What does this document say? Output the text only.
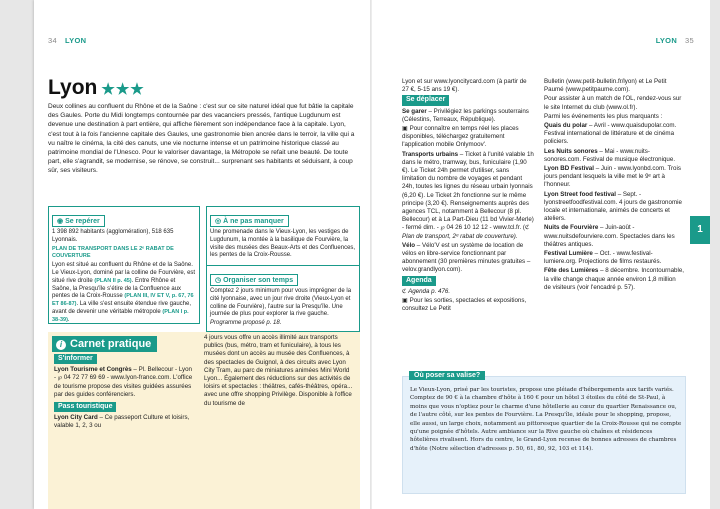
34 LYON
Lyon ★★★
Deux collines au confluent du Rhône et de la Saône : c'est sur ce site naturel idéal que fut bâtie la capitale des Gaules. Porte du Midi longtemps contournée par des vacanciers pressés, l'antique Lugdunum est devenue une destination à part entière, qui affiche fièrement son indépendance face à la capitale. Lyon, c'est tout à la fois l'ancienne capitale des Gaules, une gastronomie bien ancrée dans le terroir, la ville qui a vu naître le cinéma, la cité des canuts, une vie nocturne intense et un patrimoine historique classé au patrimoine mondial de l'Unesco. Pour le valoriser davantage, la Métropole se refait une beauté. De toute part, elle s'agrandit, se modernise, se rénove, se construit... surprenant ses habitants et séduisant, à coup sûr, ses visiteurs.
◉ Se repérer

1 398 892 habitants (agglomération), 518 635 Lyonnais.

PLAN DE TRANSPORT DANS LE 2ᵉ RABAT DE COUVERTURE

Lyon est situé au confluent du Rhône et de la Saône. Le Vieux-Lyon, dominé par la colline de Fourvière, est situé rive droite (PLAN II p. 45). Entre Rhône et Saône, la Presqu'île s'étire de la Confluence aux pentes de la Croix-Rousse (PLAN III, IV ET V, p. 67, 76 ET 86-87). La ville s'est ensuite étendue rive gauche, avant de devenir une véritable métropole (PLAN I p. 38-39).

◎ À ne pas manquer
Une promenade dans le Vieux-Lyon, les vestiges de Lugdunum, la montée à la basilique de Fourvière, la visite des musées des Beaux-Arts et des Confluences, les pentes de la Croix-Rousse.
◷ Organiser son temps

Comptez 2 jours minimum pour vous imprégner de la cité lyonnaise, avec un jour rive droite (Vieux-Lyon et colline de Fourvière), l'autre sur la Presqu'île. Une journée de plus pour explorer la rive gauche.

Programme proposé p. 18.

i Carnet pratique
S'informer

Lyon Tourisme et Congrès – Pl. Bellecour - Lyon - ℘ 04 72 77 69 69 - www.lyon-france.com. L'office de tourisme propose des visites guidées assurées par des guides conférenciers.

Pass touristique

Lyon City Card – Ce passeport Culture et loisirs, valable 1, 2, 3 ou

4 jours vous offre un accès illimité aux transports publics (bus, métro, tram et funiculaire), à tous les musées dont un accès au musée des Confluences, à des spectacles de Guignol, à des circuits avec Lyon City Tram, au parc de miniatures animées Mini World Lyon... Également des réductions sur des activités de loisirs et spectacles : théâtres, cafés-théâtres, opéra... avec une offre shopping Privilège. Disponible à l'office du tourisme de
LYON 35
1

Lyon et sur www.lyoncitycard.com (à partir de 27 €, 5-15 ans 19 €).

Se déplacer

Se garer – Privilégiez les parkings souterrains (Célestins, Terreaux, République).

▣ Pour connaître en temps réel les places disponibles, téléchargez gratuitement l'application mobile Onlymoov'.

Transports urbains – Ticket à l'unité valable 1h dans le métro, tramway, bus, funiculaire (1,90 €). Le Ticket 24h permet d'utiliser, sans limitation du nombre de voyages et pendant 24h, toutes les lignes du réseau urbain lyonnais (6,20 €). Le Ticket 2h fonctionne sur le même principe (3,20 €). Renseignements auprès des agences TCL, notamment à Bellecour (8 pl. Bellecour) et à La Part-Dieu (11 bd Vivier-Merle) - fermé dim. - ℘ 04 26 10 12 12 - www.tcl.fr. (ℭ Plan de transport, 2ᵉ rabat de couverture).

Vélo – Vélo'V est un système de location de vélos en libre-service fonctionnant par abonnement (30 premières minutes gratuites – velov.grandlyon.com).

Agenda

ℭ Agenda p. 476.

▣ Pour les sorties, spectacles et expositions, consultez Le Petit

Bulletin (www.petit-bulletin.fr/lyon) et Le Petit Paumé (www.petitpaume.com).

Pour assister à un match de l'OL, rendez-vous sur le site Internet du club (www.ol.fr).

Parmi les événements les plus marquants :

Quais du polar – Avril - www.quaisdupolar.com. Festival international de littérature et de cinéma policiers.

Les Nuits sonores – Mai - www.nuits-sonores.com. Festival de musique électronique.

Lyon BD Festival – Juin - www.lyonbd.com. Trois jours pendant lesquels la ville met le 9ᵉ art à l'honneur.

Lyon Street food festival – Sept. - lyonstreetfoodfestival.com. 4 jours de gastronomie locale et internationale, animés de concerts et ateliers.

Nuits de Fourvière – Juin-août - www.nuitsdefourviere.com. Spectacles dans les théâtres antiques.

Festival Lumière – Oct. - www.festival-lumiere.org. Projections de films restaurés.

Fête des Lumières – 8 décembre. Incontournable, la ville change chaque année environ 1,8 million de visiteurs (voir l'encadré p. 57).

Où poser sa valise?
Le Vieux-Lyon, prisé par les touristes, propose une pléiade d'hébergements aux tarifs variés. Comptez de 90 € à la chambre d'hôte à 160 € pour un hôtel 3 étoiles du côté de St-Paul, à moins que vous n'optiez pour le charme d'une hôtellerie au cœur du quartier Renaissance ou, de l'autre côté, sur les pentes de Fourvière. La Presqu'île, idéale pour le shopping, propose, elle aussi, un large choix, notamment au pittoresque quartier de la Croix-Rousse qui ne compte qu'une poignée d'hôtels. Autre ambiance sur la Rive gauche où chaînes et résidences hôtelières rivalisent. Hors du centre, le Grand-Lyon recense de bonnes adresses de chambres d'hôte (Notre sélection d'adresses p. 50, 61, 80, 92, 103 et 114).
